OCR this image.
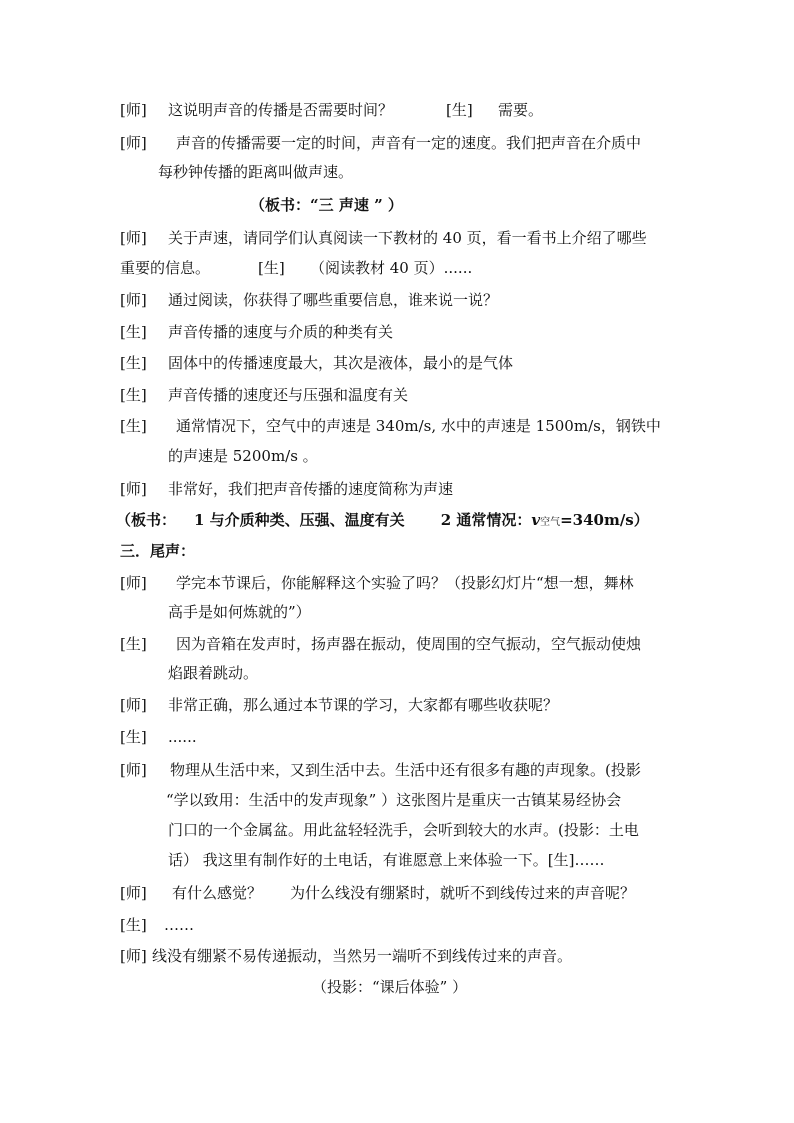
[师] 这说明声音的传播是否需要时间？	[生] 需要。
[师] 声音的传播需要一定的时间，声音有一定的速度。我们把声音在介质中
每秒钟传播的距离叫做声速。
（板书：“三 声速 ” ）
[师] 关于声速，请同学们认真阅读一下教材的 40 页，看一看书上介绍了哪些
重要的信息。	[生] （阅读教材 40 页）......
[师] 通过阅读，你获得了哪些重要信息，谁来说一说？
[生] 声音传播的速度与介质的种类有关
[生] 固体中的传播速度最大，其次是液体，最小的是气体
[生] 声音传播的速度还与压强和温度有关
[生] 通常情况下，空气中的声速是 340m/s, 水中的声速是 1500m/s，钢铁中
的声速是 5200m/s 。
[师] 非常好，我们把声音传播的速度简称为声速
（板书： 1 与介质种类、压强、温度有关 2 通常情况：v空气=340m/s）
三．尾声：
[师] 学完本节课后，你能解释这个实验了吗？（投影幻灯片“想一想，舞林
高手是如何炼就的”）
[生] 因为音箱在发声时，扬声器在振动，使周围的空气振动，空气振动使烛
焰跟着跳动。
[师] 非常正确，那么通过本节课的学习，大家都有哪些收获呢？
[生] ......
[师] 物理从生活中来，又到生活中去。生活中还有很多有趣的声现象。(投影
“学以致用：生活中的发声现象” ）这张图片是重庆一古镇某易经协会
门口的一个金属盆。用此盆轻轻洗手，会听到较大的水声。(投影：土电
话） 我这里有制作好的土电话，有谁愿意上来体验一下。[生]……
[师] 有什么感觉？ 为什么线没有绷紧时，就听不到线传过来的声音呢？
[生] ……
[师] 线没有绷紧不易传递振动，当然另一端听不到线传过来的声音。
（投影：“课后体验” ）
